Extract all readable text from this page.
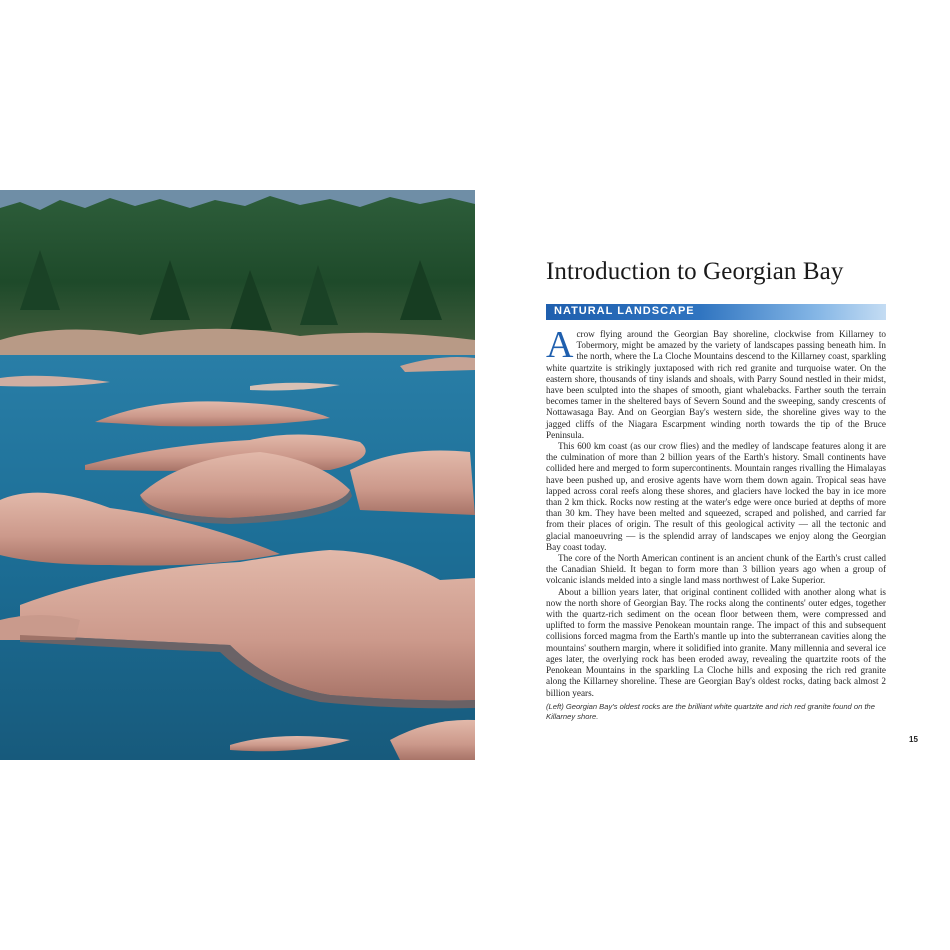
Introduction to Georgian Bay
NATURAL LANDSCAPE

A crow flying around the Georgian Bay shoreline, clockwise from Killarney to Tobermory, might be amazed by the variety of landscapes passing beneath him. In the north, where the La Cloche Mountains descend to the Killarney coast, sparkling white quartzite is strikingly juxtaposed with rich red granite and turquoise water. On the eastern shore, thousands of tiny islands and shoals, with Parry Sound nestled in their midst, have been sculpted into the shapes of smooth, giant whalebacks. Farther south the terrain becomes tamer in the sheltered bays of Severn Sound and the sweeping, sandy crescents of Nottawasaga Bay. And on Georgian Bay's western side, the shoreline gives way to the jagged cliffs of the Niagara Escarpment winding north towards the tip of the Bruce Peninsula.

This 600 km coast (as our crow flies) and the medley of landscape features along it are the culmination of more than 2 billion years of the Earth's history. Small continents have collided here and merged to form supercontinents. Mountain ranges rivalling the Himalayas have been pushed up, and erosive agents have worn them down again. Tropical seas have lapped across coral reefs along these shores, and glaciers have locked the bay in ice more than 2 km thick. Rocks now resting at the water's edge were once buried at depths of more than 30 km. They have been melted and squeezed, scraped and polished, and carried far from their places of origin. The result of this geological activity — all the tectonic and glacial manoeuvring — is the splendid array of landscapes we enjoy along the Georgian Bay coast today.

The core of the North American continent is an ancient chunk of the Earth's crust called the Canadian Shield. It began to form more than 3 billion years ago when a group of volcanic islands melded into a single land mass northwest of Lake Superior.

About a billion years later, that original continent collided with another along what is now the north shore of Georgian Bay. The rocks along the continents' outer edges, together with the quartz-rich sediment on the ocean floor between them, were compressed and uplifted to form the massive Penokean mountain range. The impact of this and subsequent collisions forced magma from the Earth's mantle up into the subterranean cavities along the mountains' southern margin, where it solidified into granite. Many millennia and several ice ages later, the overlying rock has been eroded away, revealing the quartzite roots of the Penokean Mountains in the sparkling La Cloche hills and exposing the rich red granite along the Killarney shoreline. These are Georgian Bay's oldest rocks, dating back almost 2 billion years.

(Left) Georgian Bay's oldest rocks are the brilliant white quartzite and rich red granite found on the Killarney shore.
15
